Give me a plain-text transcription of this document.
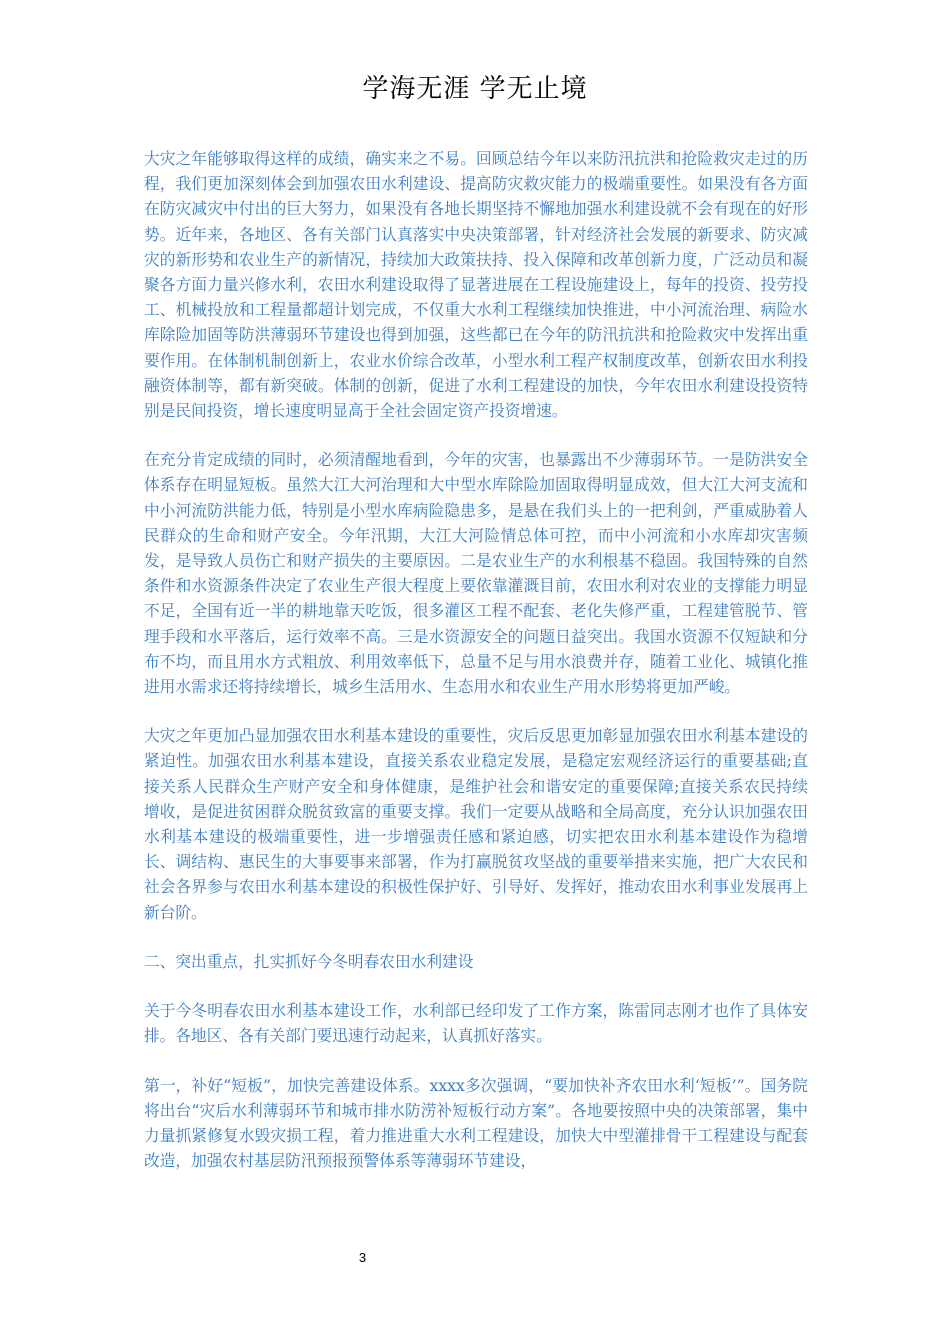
学海无涯 学无止境

大灾之年能够取得这样的成绩，确实来之不易。回顾总结今年以来防汛抗洪和抢险救灾走过的历程，我们更加深刻体会到加强农田水利建设、提高防灾救灾能力的极端重要性。如果没有各方面在防灾减灾中付出的巨大努力，如果没有各地长期坚持不懈地加强水利建设就不会有现在的好形势。近年来，各地区、各有关部门认真落实中央决策部署，针对经济社会发展的新要求、防灾减灾的新形势和农业生产的新情况，持续加大政策扶持、投入保障和改革创新力度，广泛动员和凝聚各方面力量兴修水利，农田水利建设取得了显著进展在工程设施建设上，每年的投资、投劳投工、机械投放和工程量都超计划完成，不仅重大水利工程继续加快推进，中小河流治理、病险水库除险加固等防洪薄弱环节建设也得到加强，这些都已在今年的防汛抗洪和抢险救灾中发挥出重要作用。在体制机制创新上，农业水价综合改革，小型水利工程产权制度改革，创新农田水利投融资体制等，都有新突破。体制的创新，促进了水利工程建设的加快，今年农田水利建设投资特别是民间投资，增长速度明显高于全社会固定资产投资增速。

在充分肯定成绩的同时，必须清醒地看到，今年的灾害，也暴露出不少薄弱环节。一是防洪安全体系存在明显短板。虽然大江大河治理和大中型水库除险加固取得明显成效，但大江大河支流和中小河流防洪能力低，特别是小型水库病险隐患多，是悬在我们头上的一把利剑，严重威胁着人民群众的生命和财产安全。今年汛期，大江大河险情总体可控，而中小河流和小水库却灾害频发，是导致人员伤亡和财产损失的主要原因。二是农业生产的水利根基不稳固。我国特殊的自然条件和水资源条件决定了农业生产很大程度上要依靠灌溉目前，农田水利对农业的支撑能力明显不足，全国有近一半的耕地靠天吃饭，很多灌区工程不配套、老化失修严重，工程建管脱节、管理手段和水平落后，运行效率不高。三是水资源安全的问题日益突出。我国水资源不仅短缺和分布不均，而且用水方式粗放、利用效率低下，总量不足与用水浪费并存，随着工业化、城镇化推进用水需求还将持续增长，城乡生活用水、生态用水和农业生产用水形势将更加严峻。

大灾之年更加凸显加强农田水利基本建设的重要性，灾后反思更加彰显加强农田水利基本建设的紧迫性。加强农田水利基本建设，直接关系农业稳定发展，是稳定宏观经济运行的重要基础;直接关系人民群众生产财产安全和身体健康，是维护社会和谐安定的重要保障;直接关系农民持续增收，是促进贫困群众脱贫致富的重要支撑。我们一定要从战略和全局高度，充分认识加强农田水利基本建设的极端重要性，进一步增强责任感和紧迫感，切实把农田水利基本建设作为稳增长、调结构、惠民生的大事要事来部署，作为打赢脱贫攻坚战的重要举措来实施，把广大农民和社会各界参与农田水利基本建设的积极性保护好、引导好、发挥好，推动农田水利事业发展再上新台阶。

二、突出重点，扎实抓好今冬明春农田水利建设

关于今冬明春农田水利基本建设工作，水利部已经印发了工作方案，陈雷同志刚才也作了具体安排。各地区、各有关部门要迅速行动起来，认真抓好落实。

第一，补好“短板”，加快完善建设体系。xxxx多次强调，“要加快补齐农田水利‘短板’”。国务院将出台“灾后水利薄弱环节和城市排水防涝补短板行动方案”。各地要按照中央的决策部署，集中力量抓紧修复水毁灾损工程，着力推进重大水利工程建设，加快大中型灌排骨干工程建设与配套改造，加强农村基层防汛预报预警体系等薄弱环节建设，

3
